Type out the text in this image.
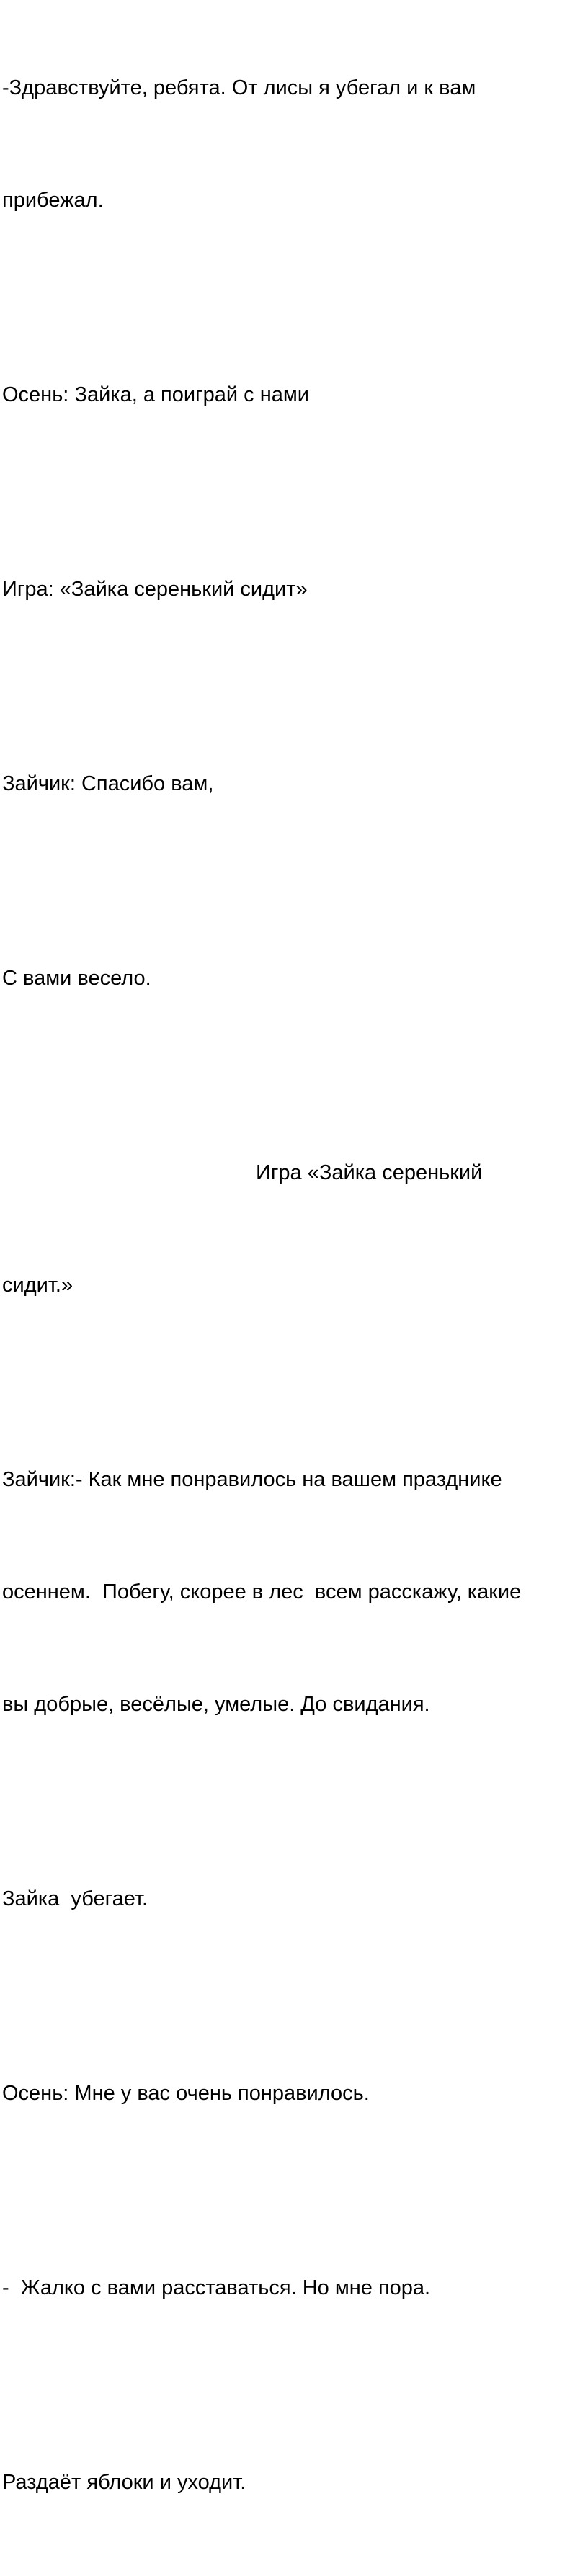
-Здравствуйте, ребята. От лисы я убегал и к вам

прибежал.

Осень: Зайка, а поиграй с нами

Игра: «Зайка серенький сидит»

Зайчик: Спасибо вам,

С вами весело.

Игра «Зайка серенький

сидит.»

Зайчик:- Как мне понравилось на вашем празднике

осеннем.  Побегу, скорее в лес  всем расскажу, какие

вы добрые, весёлые, умелые. До свидания.

Зайка  убегает.

Осень: Мне у вас очень понравилось.

-  Жалко с вами расставаться. Но мне пора.

Раздаёт яблоки и уходит.
